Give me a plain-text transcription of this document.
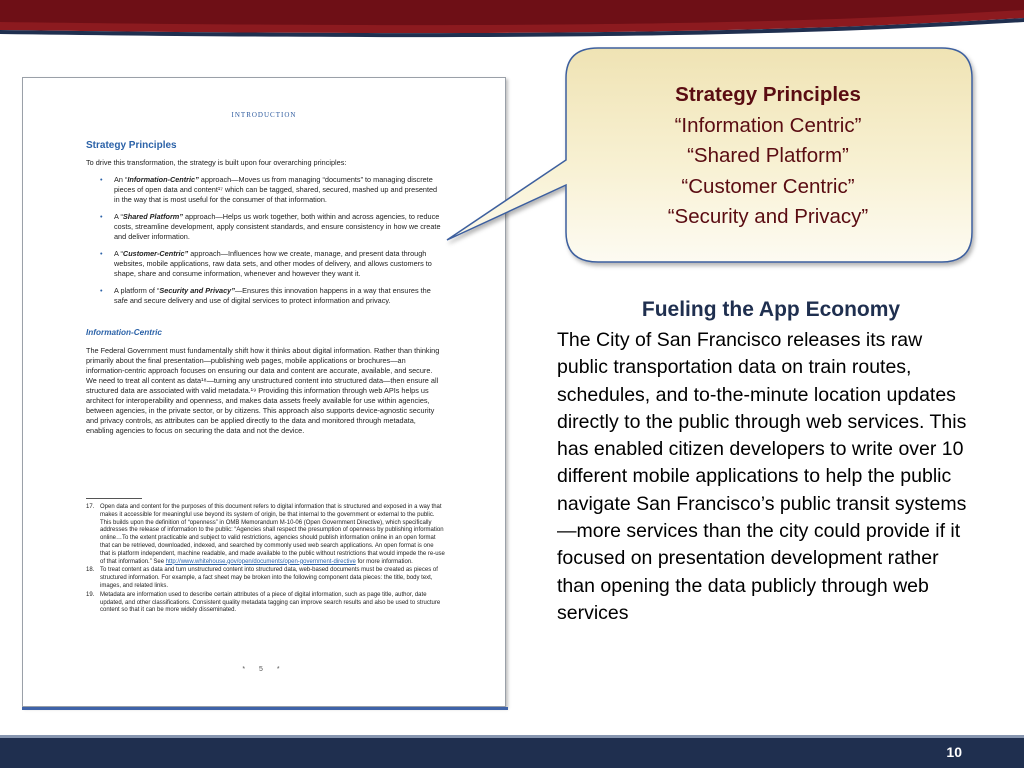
INTRODUCTION
Strategy Principles
To drive this transformation, the strategy is built upon four overarching principles:
• An “Information-Centric” approach—Moves us from managing “documents” to managing discrete pieces of open data and content¹⁷ which can be tagged, shared, secured, mashed up and presented in the way that is most useful for the consumer of that information.
• A “Shared Platform” approach—Helps us work together, both within and across agencies, to reduce costs, streamline development, apply consistent standards, and ensure consistency in how we create and deliver information.
• A “Customer-Centric” approach—Influences how we create, manage, and present data through websites, mobile applications, raw data sets, and other modes of delivery, and allows customers to shape, share and consume information, whenever and however they want it.
• A platform of “Security and Privacy”—Ensures this innovation happens in a way that ensures the safe and secure delivery and use of digital services to protect information and privacy.
Information-Centric
The Federal Government must fundamentally shift how it thinks about digital information. Rather than thinking primarily about the final presentation—publishing web pages, mobile applications or brochures—an information-centric approach focuses on ensuring our data and content are accurate, available, and secure. We need to treat all content as data¹⁸—turning any unstructured content into structured data—then ensure all structured data are associated with valid metadata.¹⁹ Providing this information through web APIs helps us architect for interoperability and openness, and makes data assets freely available for use within agencies, between agencies, in the private sector, or by citizens. This approach also supports device-agnostic security and privacy controls, as attributes can be applied directly to the data and monitored through metadata, enabling agencies to focus on securing the data and not the device.
17. Open data and content for the purposes of this document refers to digital information that is structured and exposed in a way that makes it accessible for meaningful use beyond its system of origin, be that internal to the government or external to the public. This builds upon the definition of “openness” in OMB Memorandum M-10-06 (Open Government Directive), which specifically addresses the release of information to the public: “Agencies shall respect the presumption of openness by publishing information online…To the extent practicable and subject to valid restrictions, agencies should publish information online in an open format that can be retrieved, downloaded, indexed, and searched by commonly used web search applications. An open format is one that is platform independent, machine readable, and made available to the public without restrictions that would impede the re-use of that information.” See http://www.whitehouse.gov/open/documents/open-government-directive for more information.
18. To treat content as data and turn unstructured content into structured data, web-based documents must be created as pieces of structured information. For example, a fact sheet may be broken into the following component data pieces: the title, body text, images, and related links.
19. Metadata are information used to describe certain attributes of a piece of digital information, such as page title, author, date updated, and other classifications. Consistent quality metadata tagging can improve search results and also be used to structure content so that it can be more widely disseminated.
* 5 *
Strategy Principles
“Information Centric”
“Shared Platform”
“Customer Centric”
“Security and Privacy”
Fueling the App Economy
The City of San Francisco releases its raw public transportation data on train routes, schedules, and to-the-minute location updates directly to the public through web services. This has enabled citizen developers to write over 10 different mobile applications to help the public navigate San Francisco’s public transit systems—more services than the city could provide if it focused on presentation development rather than opening the data publicly through web services
10
